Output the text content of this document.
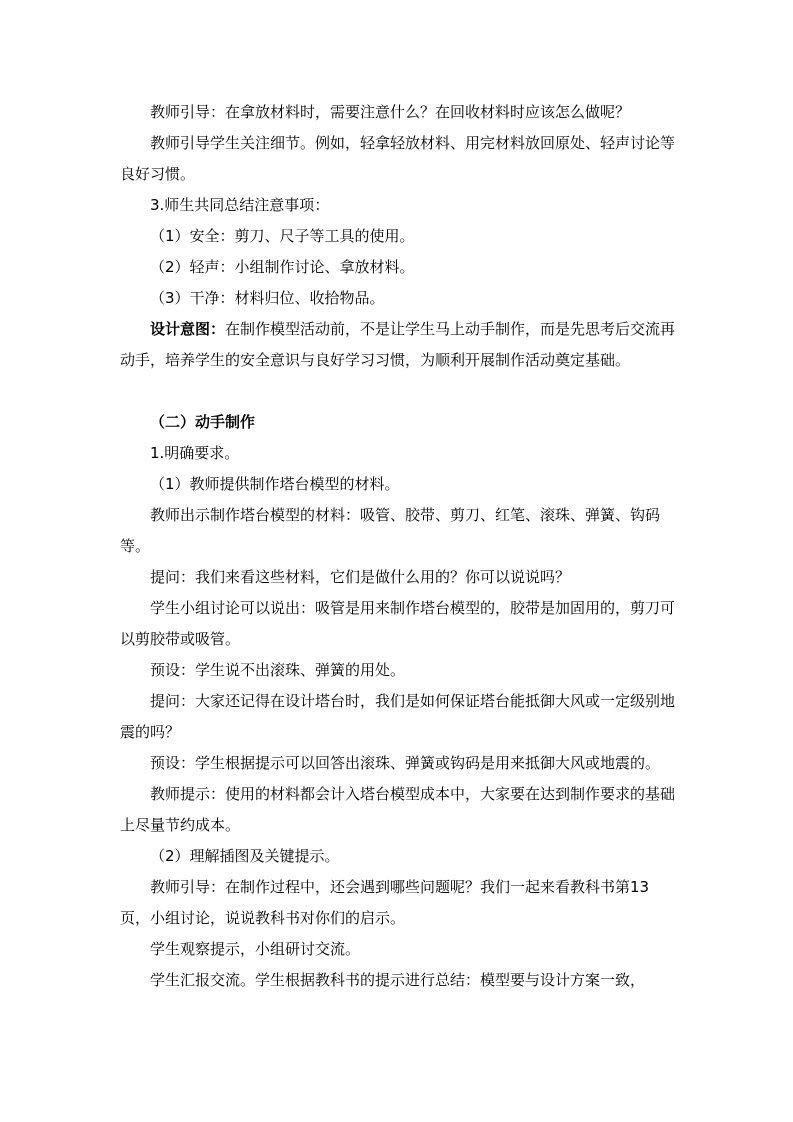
教师引导：在拿放材料时，需要注意什么？在回收材料时应该怎么做呢？

教师引导学生关注细节。例如，轻拿轻放材料、用完材料放回原处、轻声讨论等良好习惯。

3.师生共同总结注意事项：

（1）安全：剪刀、尺子等工具的使用。

（2）轻声：小组制作讨论、拿放材料。

（3）干净：材料归位、收拾物品。

设计意图：在制作模型活动前，不是让学生马上动手制作，而是先思考后交流再动手，培养学生的安全意识与良好学习习惯，为顺利开展制作活动奠定基础。

（二）动手制作

1.明确要求。

（1）教师提供制作塔台模型的材料。

教师出示制作塔台模型的材料：吸管、胶带、剪刀、红笔、滚珠、弹簧、钩码等。

提问：我们来看这些材料，它们是做什么用的？你可以说说吗？

学生小组讨论可以说出：吸管是用来制作塔台模型的，胶带是加固用的，剪刀可以剪胶带或吸管。

预设：学生说不出滚珠、弹簧的用处。

提问：大家还记得在设计塔台时，我们是如何保证塔台能抵御大风或一定级别地震的吗？

预设：学生根据提示可以回答出滚珠、弹簧或钩码是用来抵御大风或地震的。

教师提示：使用的材料都会计入塔台模型成本中，大家要在达到制作要求的基础上尽量节约成本。

（2）理解插图及关键提示。

教师引导：在制作过程中，还会遇到哪些问题呢？我们一起来看教科书第13页，小组讨论，说说教科书对你们的启示。

学生观察提示，小组研讨交流。

学生汇报交流。学生根据教科书的提示进行总结：模型要与设计方案一致，
